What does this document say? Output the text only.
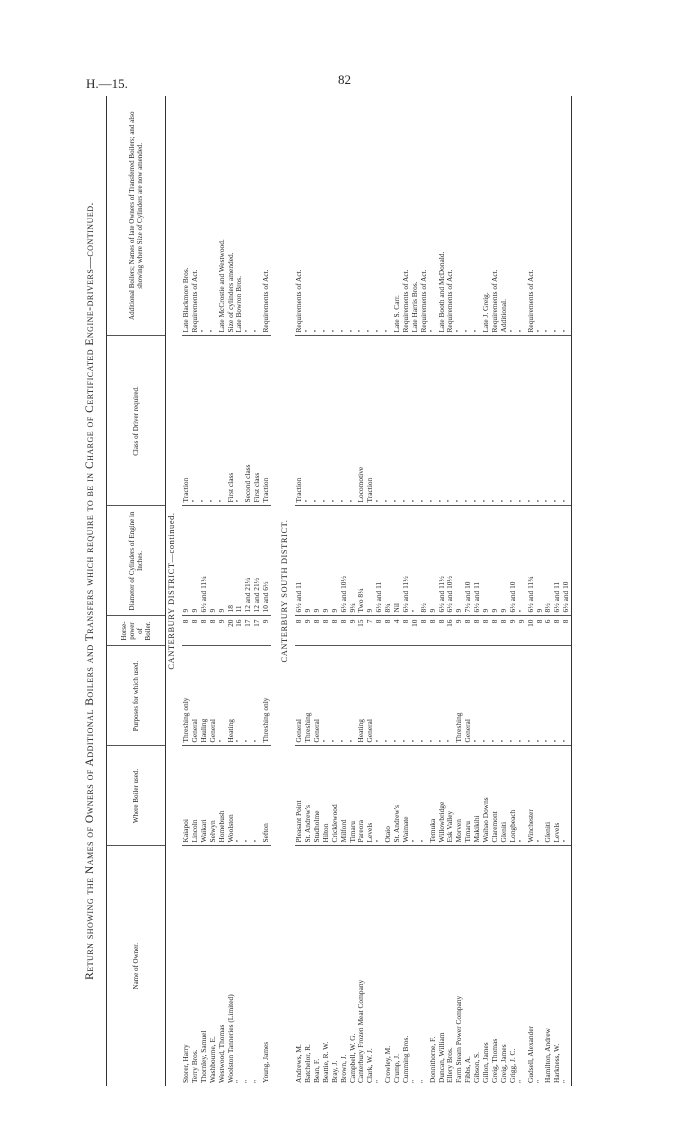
H.—15.	82
Return showing the Names of Owners of Additional Boilers and Transfers which require to be in Charge of Certificated Engine-drivers—continued.	Name of Owner.	Where Boiler used.	Purposes for which used.	Horse-power of Boiler.	Diameter of Cylinders of Engine in Inches.	Class of Driver required.	Additional Boilers; Names of late Owners of Transferred Boilers; and also showing where Size of Cylinders are now amended.
CANTERBURY DISTRICT—continued.						
Storer, Harry	Kaiapoi	Threshing only	8	9	Traction	Late Blackmore Bros.
Terry Bros.	Lincoln	General	8	9	"	Requirements of Act.
Thornley, Samuel	Waikari	Hauling	8	6½ and 11¼	"	"
Washbourne, E.	Selwyn	General	8	9	"	"
Westwood, Thomas	Homebush	"	9	9	"	Late McCrostie and Westwood.
Woolston Tanneries (Limited)	Woolston	Heating	20	18	First class	Size of cylinders amended.
"	"	"	16	11	"	Late Bowron Bros.
"	"	"	17	12 and 21¼	Second class	"
"	"	"	17	12 and 21½	First class	"
Young, James	Sefton	Threshing only	9	10 and 6½	Traction	Requirements of Act.

CANTERBURY SOUTH DISTRICT.						
Andrews, M.	Pleasant Point	General	8	6½ and 11	Traction	Requirements of Act.
Batchelor, R.	St. Andrew's	Threshing	9	9	"	"
Bean, F.	Studholme	General	8	9	"	"
Beattie, R. W.	Hilton	"	8	9	"	"
Bray, J.	Cricklewood	"	8	9	"	"
Brown, J.	Milford	"	8	6½ and 10½	"	"
Campbell, W. G.	Timaru	"	9	9¼	"	"
Canterbury Frozen Meat Company	Pareora	Heating	15	Two 8¼	Locomotive	"
Clark, W. J.	Levels	General	7	9	Traction	"
"	"	"	8	6½ and 11	"	"
Crowley, M.	Otaio	"	8	8¾	"	"
Crump, J.	St. Andrew's	"	4	Nil	"	Late S. Carr.
Cumming Bros.	Waimate	"	8	6½ and 11½	"	Requirements of Act.
"	"	"	10	"	"	Late Harris Bros.
"	"	"	8	8½	"	Requirements of Act.
Donnithorne, F.	Temuka	"	8	9	"	"
Duncan, William	Willowbridge	"	8	6½ and 11½	"	Late Booth and McDonald.
Ellery Bros.	Esk Valley	"	16	6½ and 10½	"	Requirements of Act.
Farm Steam Power Company	Morven	Threshing	9	9	"	"
Fibbs, A.	Timaru	General	8	7½ and 10	"	"
Gibson, S.	Makikihi	"	8	6½ and 11	"	"
Gillon, James	Waihao Downs	"	8	9	"	Late J. Greig.
Greig, Thomas	Claremont	"	8	9	"	Requirements of Act.
Greig, James	Gleniti	"	8	9	"	Additional.
Grigg, J. C.	Longbeach	"	9	6½ and 10	"	"
"	"	"	9	"	"	"
Gudsell, Alexander	Winchester	"	10	6½ and 11¾	"	Requirements of Act.
"	"	"	8	9	"	"
Hamilton, Andrew	Gleniti	"	6	8½	"	"
Harkness, W.	Levels	"	8	6½ and 11	"	"
"	"	"	8	6½ and 10	"	"
